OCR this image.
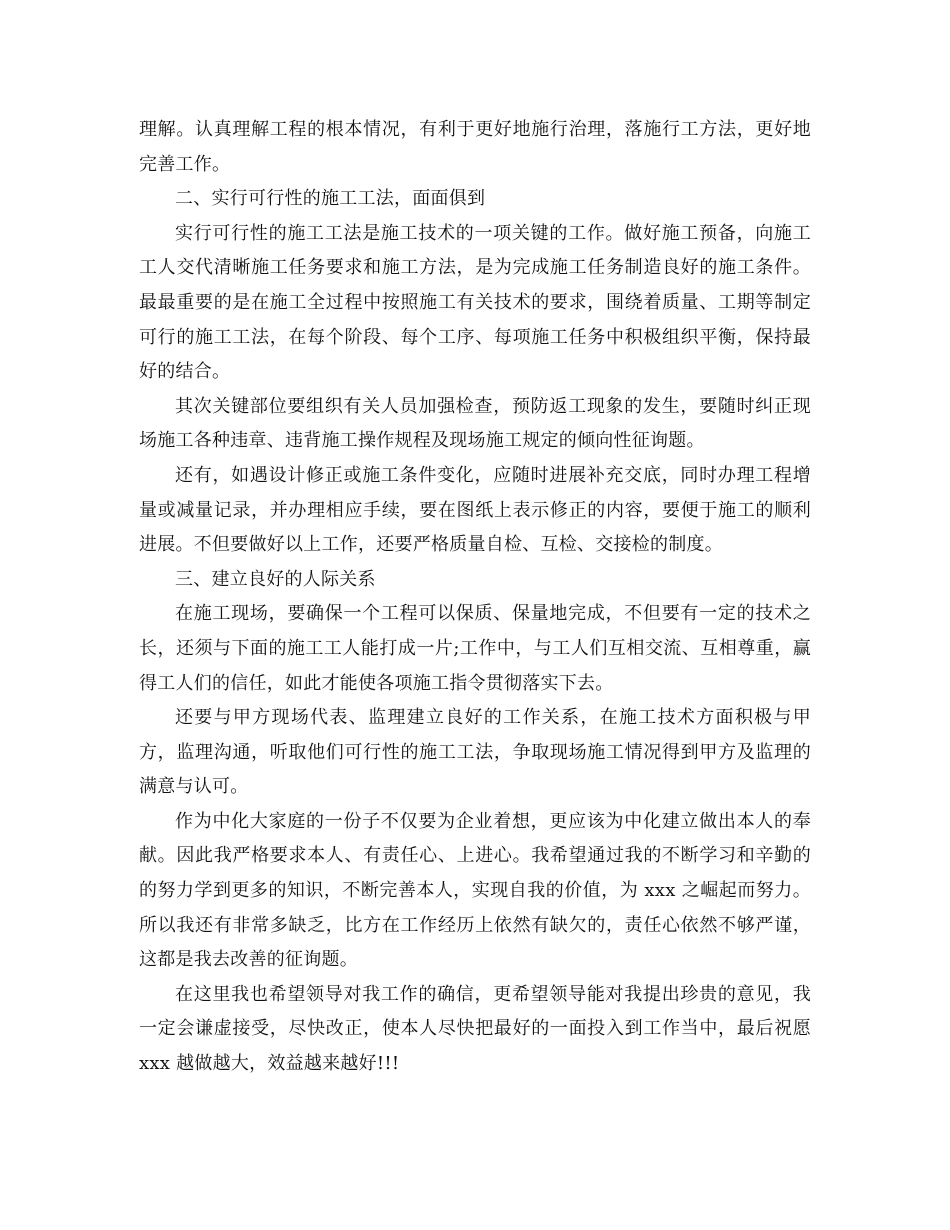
理解。认真理解工程的根本情况，有利于更好地施行治理，落施行工方法，更好地完善工作。

二、实行可行性的施工工法，面面俱到

实行可行性的施工工法是施工技术的一项关键的工作。做好施工预备，向施工工人交代清晰施工任务要求和施工方法，是为完成施工任务制造良好的施工条件。最最重要的是在施工全过程中按照施工有关技术的要求，围绕着质量、工期等制定可行的施工工法，在每个阶段、每个工序、每项施工任务中积极组织平衡，保持最好的结合。

其次关键部位要组织有关人员加强检查，预防返工现象的发生，要随时纠正现场施工各种违章、违背施工操作规程及现场施工规定的倾向性征询题。

还有，如遇设计修正或施工条件变化，应随时进展补充交底，同时办理工程增量或减量记录，并办理相应手续，要在图纸上表示修正的内容，要便于施工的顺利进展。不但要做好以上工作，还要严格质量自检、互检、交接检的制度。

三、建立良好的人际关系

在施工现场，要确保一个工程可以保质、保量地完成，不但要有一定的技术之长，还须与下面的施工工人能打成一片;工作中，与工人们互相交流、互相尊重，赢得工人们的信任，如此才能使各项施工指令贯彻落实下去。

还要与甲方现场代表、监理建立良好的工作关系，在施工技术方面积极与甲方，监理沟通，听取他们可行性的施工工法，争取现场施工情况得到甲方及监理的满意与认可。

作为中化大家庭的一份子不仅要为企业着想，更应该为中化建立做出本人的奉献。因此我严格要求本人、有责任心、上进心。我希望通过我的不断学习和辛勤的的努力学到更多的知识，不断完善本人，实现自我的价值，为 xxx 之崛起而努力。所以我还有非常多缺乏，比方在工作经历上依然有缺欠的，责任心依然不够严谨，这都是我去改善的征询题。

在这里我也希望领导对我工作的确信，更希望领导能对我提出珍贵的意见，我一定会谦虚接受，尽快改正，使本人尽快把最好的一面投入到工作当中，最后祝愿 xxx 越做越大，效益越来越好!!!
